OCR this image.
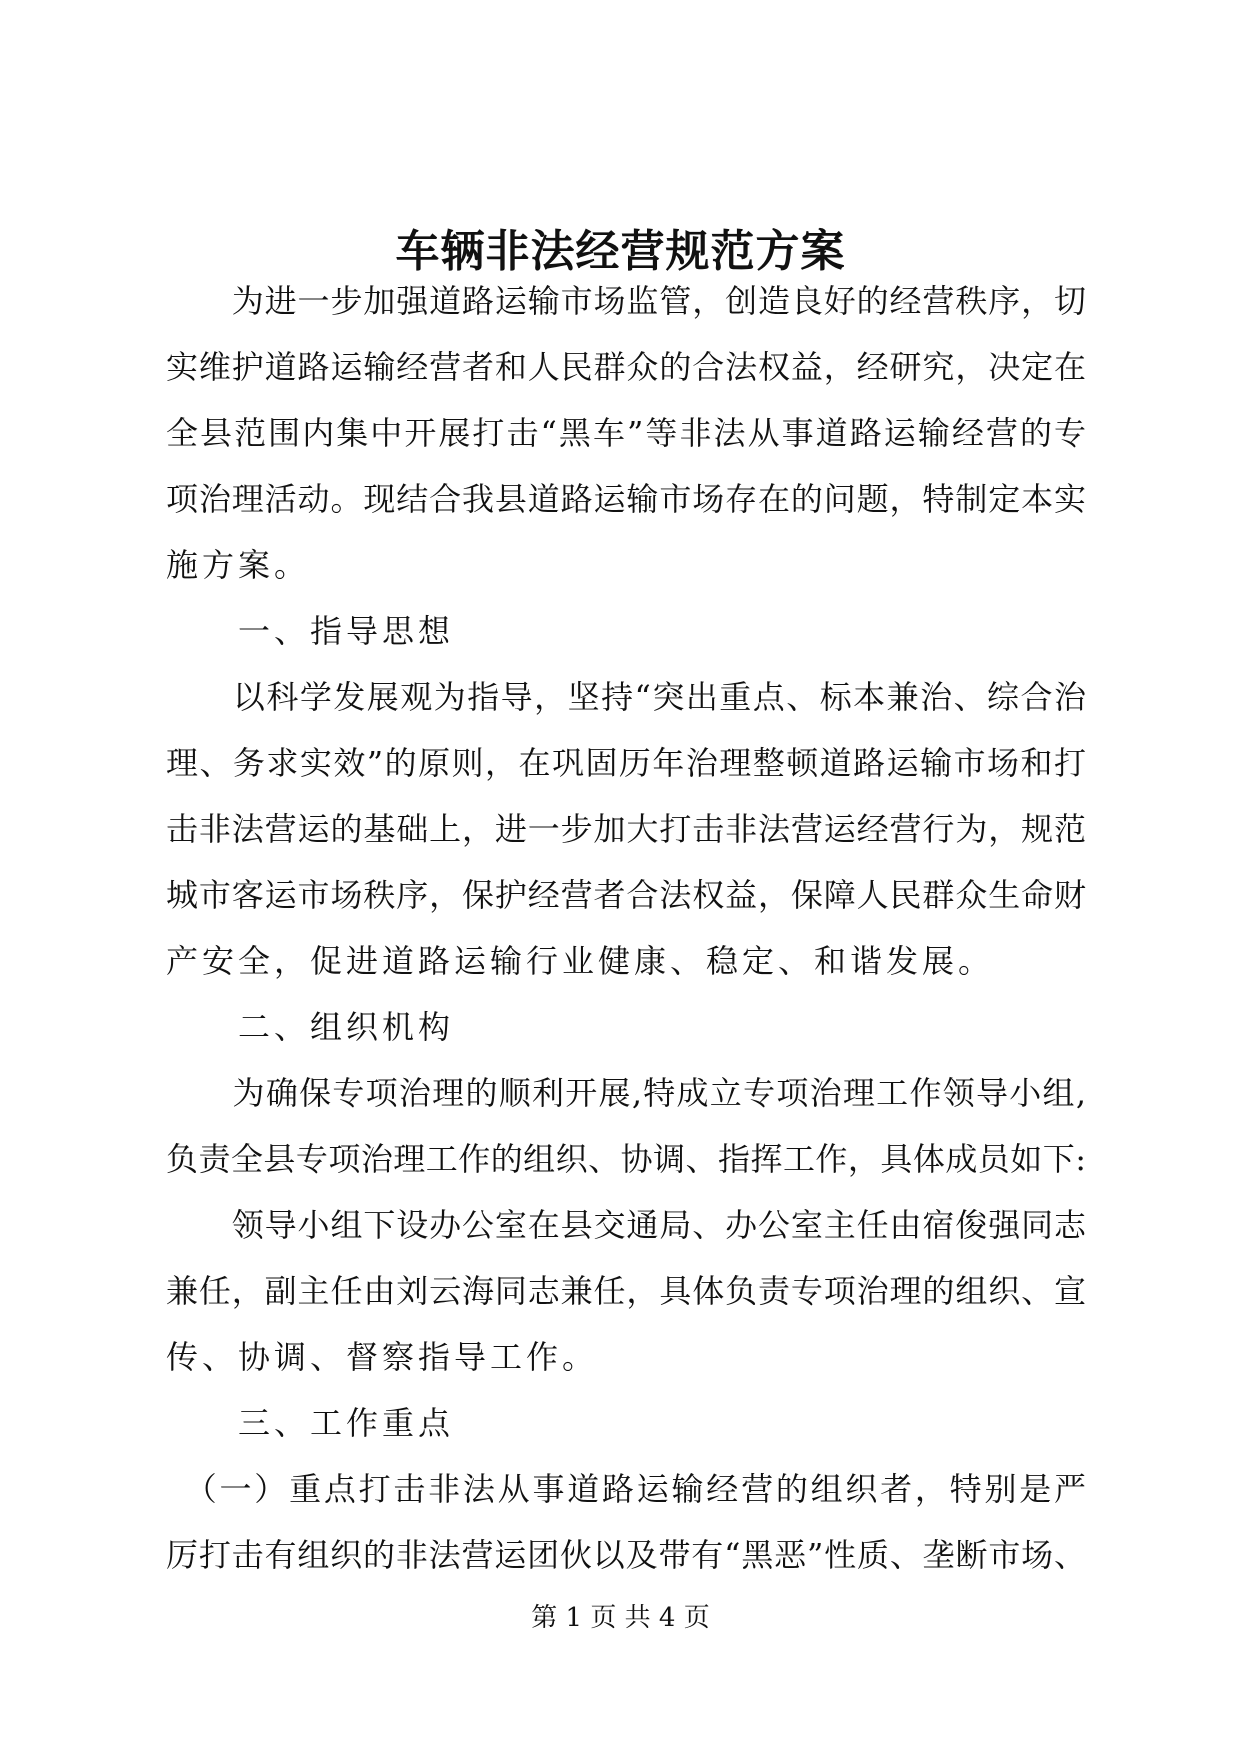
车辆非法经营规范方案
　　为进一步加强道路运输市场监管，创造良好的经营秩序，切
实维护道路运输经营者和人民群众的合法权益，经研究，决定在
全县范围内集中开展打击“黑车”等非法从事道路运输经营的专
项治理活动。现结合我县道路运输市场存在的问题，特制定本实
施方案。
　　一、指导思想
　　以科学发展观为指导，坚持“突出重点、标本兼治、综合治
理、务求实效”的原则，在巩固历年治理整顿道路运输市场和打
击非法营运的基础上，进一步加大打击非法营运经营行为，规范
城市客运市场秩序，保护经营者合法权益，保障人民群众生命财
产安全，促进道路运输行业健康、稳定、和谐发展。
　　二、组织机构
　　为确保专项治理的顺利开展,特成立专项治理工作领导小组,
负责全县专项治理工作的组织、协调、指挥工作，具体成员如下:
　　领导小组下设办公室在县交通局、办公室主任由宿俊强同志
兼任，副主任由刘云海同志兼任，具体负责专项治理的组织、宣
传、协调、督察指导工作。
　　三、工作重点
　（一）重点打击非法从事道路运输经营的组织者，特别是严
厉打击有组织的非法营运团伙以及带有“黑恶”性质、垄断市场、
第 1 页 共 4 页
